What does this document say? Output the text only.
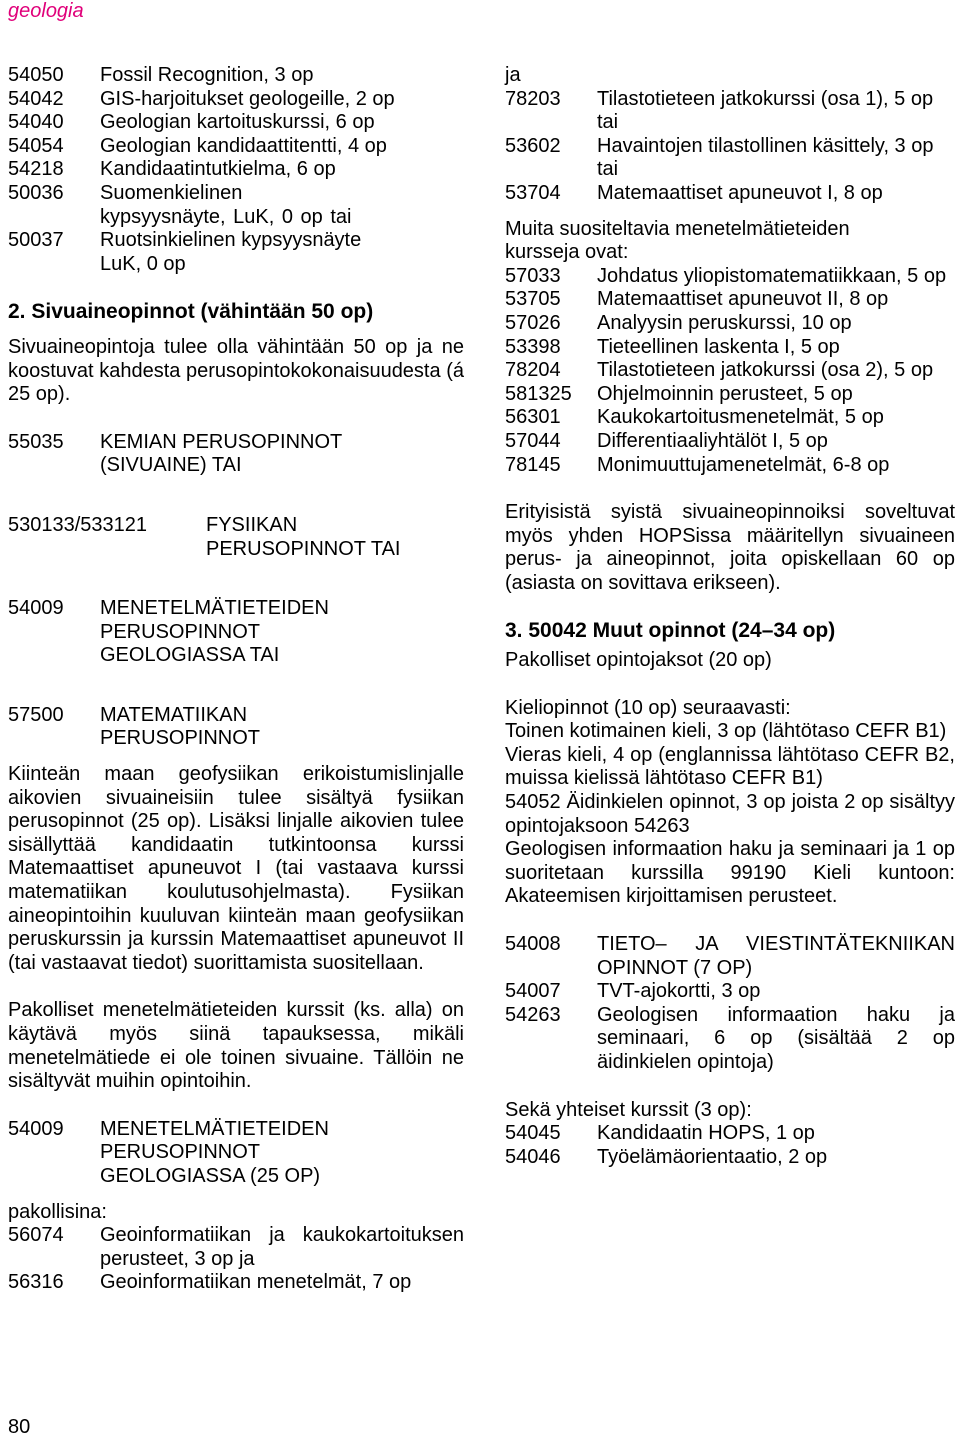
geologia
54050	Fossil Recognition, 3 op
54042	GIS-harjoitukset geologeille, 2 op
54040	Geologian kartoituskurssi, 6 op
54054	Geologian kandidaattitentti, 4 op
54218	Kandidaatintutkielma, 6 op
50036	Suomenkielinen kypsyysnäyte, LuK, 0 op tai
50037	Ruotsinkielinen kypsyysnäyte LuK, 0 op
2. Sivuaineopinnot (vähintään 50 op)

Sivuaineopintoja tulee olla vähintään 50 op ja ne koostuvat kahdesta perusopintokokonaisuudesta (á 25 op).

55035	KEMIAN PERUSOPINNOT (SIVUAINE) TAI
530133/533121	FYSIIKAN PERUSOPINNOT TAI
54009	MENETELMÄTIETEIDEN PERUSOPINNOT GEOLOGIASSA TAI
57500	MATEMATIIKAN PERUSOPINNOT

Kiinteän maan geofysiikan erikoistumislinjalle aikovien sivuaineisiin tulee sisältyä fysiikan perusopinnot (25 op). Lisäksi linjalle aikovien tulee sisällyttää kandidaatin tutkintoonsa kurssi Matemaattiset apuneuvot I (tai vastaava kurssi matematiikan koulutusohjelmasta). Fysiikan aineopintoihin kuuluvan kiinteän maan geofysiikan peruskurssin ja kurssin Matemaattiset apuneuvot II (tai vastaavat tiedot) suorittamista suositellaan.

Pakolliset menetelmätieteiden kurssit (ks. alla) on käytävä myös siinä tapauksessa, mikäli menetelmätiede ei ole toinen sivuaine. Tällöin ne sisältyvät muihin opintoihin.

54009	MENETELMÄTIETEIDEN PERUSOPINNOT GEOLOGIASSA (25 OP)
pakollisina:
56074	Geoinformatiikan ja kaukokartoituksen perusteet, 3 op ja
56316	Geoinformatiikan menetelmät, 7 op
ja
78203	Tilastotieteen jatkokurssi (osa 1), 5 op tai
53602	Havaintojen tilastollinen käsittely, 3 op tai
53704	Matemaattiset apuneuvot I, 8 op
Muita suositeltavia menetelmätieteiden kursseja ovat:
57033	Johdatus yliopistomatematiikkaan, 5 op
53705	Matemaattiset apuneuvot II, 8 op
57026	Analyysin peruskurssi, 10 op
53398	Tieteellinen laskenta I, 5 op
78204	Tilastotieteen jatkokurssi (osa 2), 5 op
581325	Ohjelmoinnin perusteet, 5 op
56301	Kaukokartoitusmenetelmät, 5 op
57044	Differentiaaliyhtälöt I, 5 op
78145	Monimuuttujamenetelmät, 6-8 op

Erityisistä syistä sivuaineopinnoiksi soveltuvat myös yhden HOPSissa määritellyn sivuaineen perus- ja aineopinnot, joita opiskellaan 60 op (asiasta on sovittava erikseen).

3. 50042 Muut opinnot (24–34 op)
Pakolliset opintojaksot (20 op)

Kieliopinnot (10 op) seuraavasti:

Toinen kotimainen kieli, 3 op (lähtötaso CEFR B1)

Vieras kieli, 4 op (englannissa lähtötaso CEFR B2, muissa kielissä lähtötaso CEFR B1)

54052 Äidinkielen opinnot, 3 op joista 2 op sisältyy opintojaksoon 54263

Geologisen informaation haku ja seminaari ja 1 op suoritetaan kurssilla 99190 Kieli kuntoon: Akateemisen kirjoittamisen perusteet.

54008	TIETO– JA VIESTINTÄTEKNIIKAN OPINNOT (7 OP)
54007	TVT-ajokortti, 3 op
54263	Geologisen informaation haku ja seminaari, 6 op (sisältää 2 op äidinkielen opintoja)
Sekä yhteiset kurssit (3 op):
54045	Kandidaatin HOPS, 1 op
54046	Työelämäorientaatio, 2 op
80
